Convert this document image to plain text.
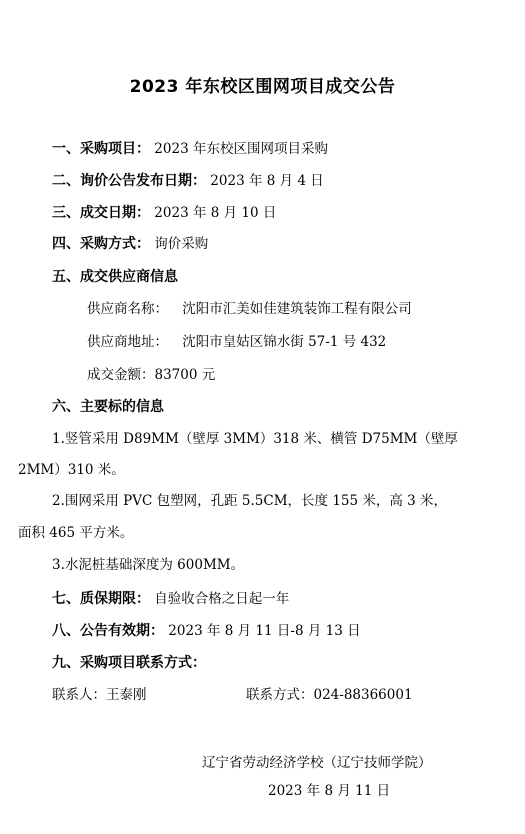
2023 年东校区围网项目成交公告
一、采购项目： 2023 年东校区围网项目采购
二、询价公告发布日期： 2023 年 8 月 4 日
三、成交日期： 2023 年 8 月 10 日
四、采购方式： 询价采购
五、成交供应商信息
供应商名称： 沈阳市汇美如佳建筑装饰工程有限公司
供应商地址： 沈阳市皇姑区锦水街 57-1 号 432
成交金额：83700 元
六、主要标的信息
1.竖管采用 D89MM（壁厚 3MM）318 米、横管 D75MM（壁厚
2MM）310 米。
2.围网采用 PVC 包塑网，孔距 5.5CM，长度 155 米，高 3 米，
面积 465 平方米。
3.水泥桩基础深度为 600MM。
七、质保期限： 自验收合格之日起一年
八、公告有效期： 2023 年 8 月 11 日-8 月 13 日
九、采购项目联系方式：
联系人：王泰刚	联系方式：024-88366001
辽宁省劳动经济学校（辽宁技师学院）
2023 年 8 月 11 日
